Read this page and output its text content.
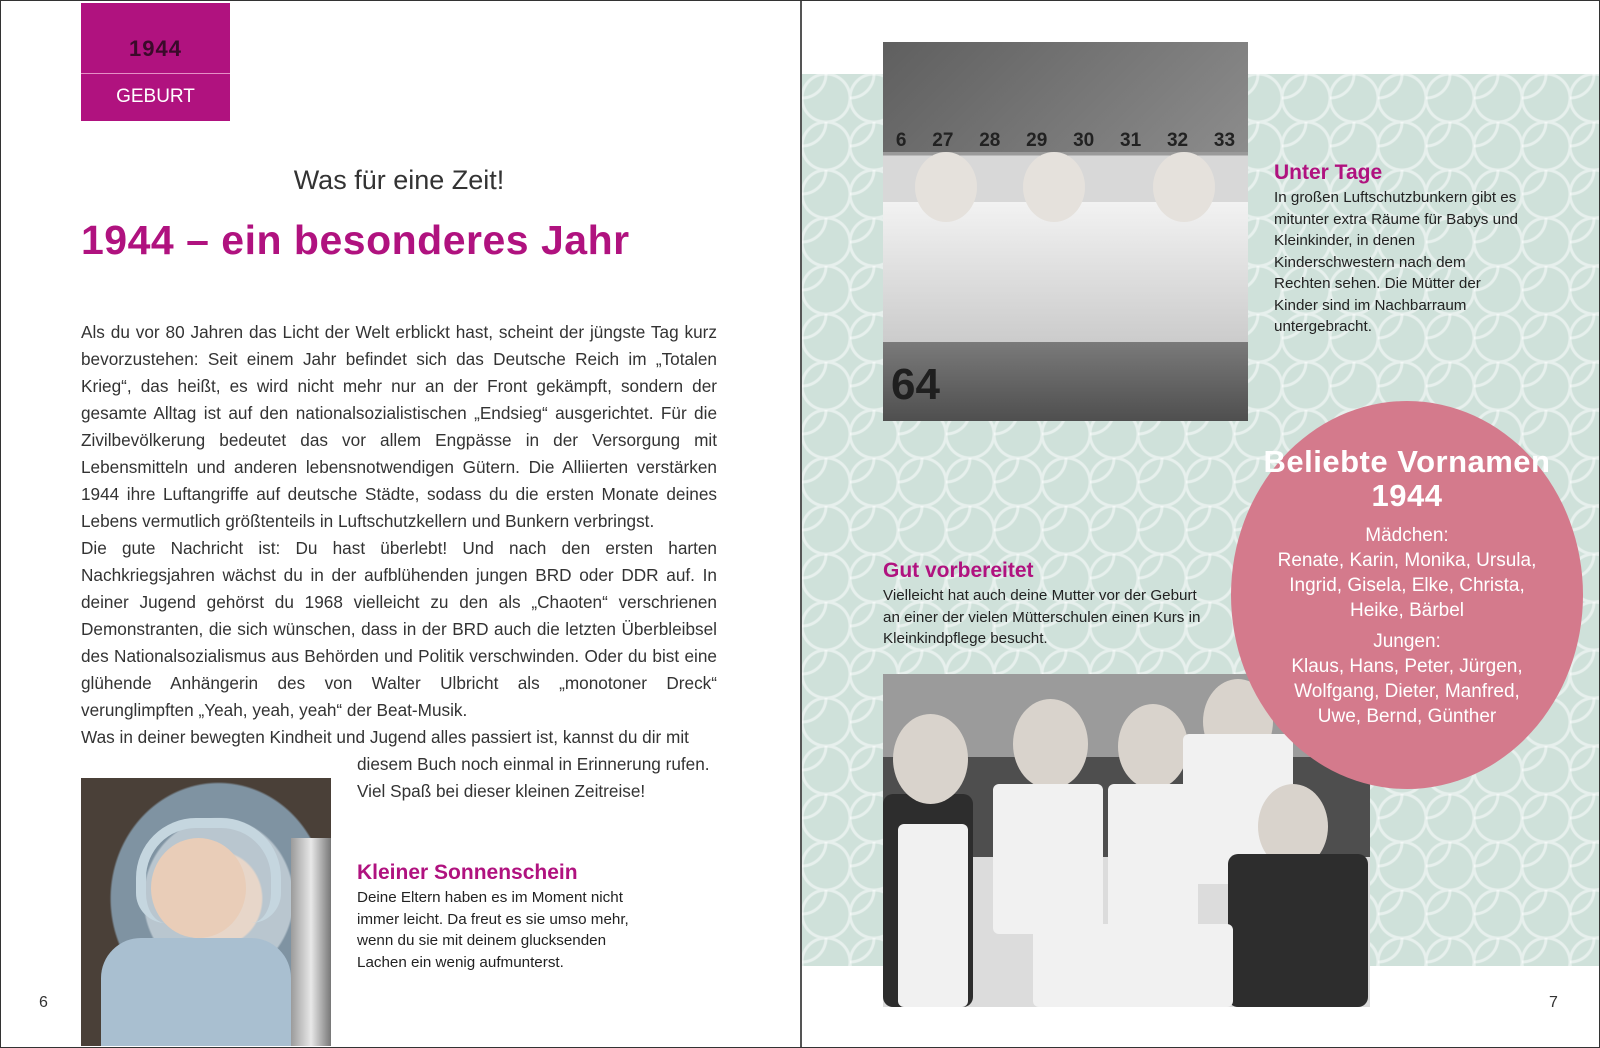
1944
GEBURT
Was für eine Zeit!
1944 – ein besonderes Jahr

Als du vor 80 Jahren das Licht der Welt erblickt hast, scheint der jüngste Tag kurz bevorzustehen: Seit einem Jahr befindet sich das Deutsche Reich im „Totalen Krieg“, das heißt, es wird nicht mehr nur an der Front gekämpft, sondern der gesamte Alltag ist auf den nationalsozialistischen „Endsieg“ ausgerichtet. Für die Zivilbevölkerung bedeutet das vor allem Engpässe in der Versorgung mit Lebensmitteln und anderen lebensnotwendigen Gütern. Die Alliierten verstärken 1944 ihre Luftangriffe auf deutsche Städte, sodass du die ersten Monate deines Lebens vermutlich größtenteils in Luftschutzkellern und Bunkern verbringst.

Die gute Nachricht ist: Du hast überlebt! Und nach den ersten harten Nachkriegsjahren wächst du in der aufblühenden jungen BRD oder DDR auf. In deiner Jugend gehörst du 1968 vielleicht zu den als „Chaoten“ verschrienen Demonstranten, die sich wünschen, dass in der BRD auch die letzten Überbleibsel des Nationalsozialismus aus Behörden und Politik verschwinden. Oder du bist eine glühende Anhängerin des von Walter Ulbricht als „monotoner Dreck“ verunglimpften „Yeah, yeah, yeah“ der Beat-Musik.

Was in deiner bewegten Kindheit und Jugend alles passiert ist, kannst du dir mit

diesem Buch noch einmal in Erinnerung rufen.

Viel Spaß bei dieser kleinen Zeitreise!

Kleiner Sonnenschein

Deine Eltern haben es im Moment nicht immer leicht. Da freut es sie umso mehr, wenn du sie mit deinem glucksenden Lachen ein wenig aufmunterst.

6
6 27 28 29 30 31 32 33
64

Unter Tage

In großen Luftschutzbunkern gibt es mitunter extra Räume für Babys und Kleinkinder, in denen Kinderschwestern nach dem Rechten sehen. Die Mütter der Kinder sind im Nachbarraum untergebracht.

Gut vorbereitet

Vielleicht hat auch deine Mutter vor der Geburt an einer der vielen Mütterschulen einen Kurs in Kleinkindpflege besucht.

Beliebte Vornamen 1944

Mädchen:

Renate, Karin, Monika, Ursula, Ingrid, Gisela, Elke, Christa, Heike, Bärbel

Jungen:

Klaus, Hans, Peter, Jürgen, Wolfgang, Dieter, Manfred, Uwe, Bernd, Günther

7
